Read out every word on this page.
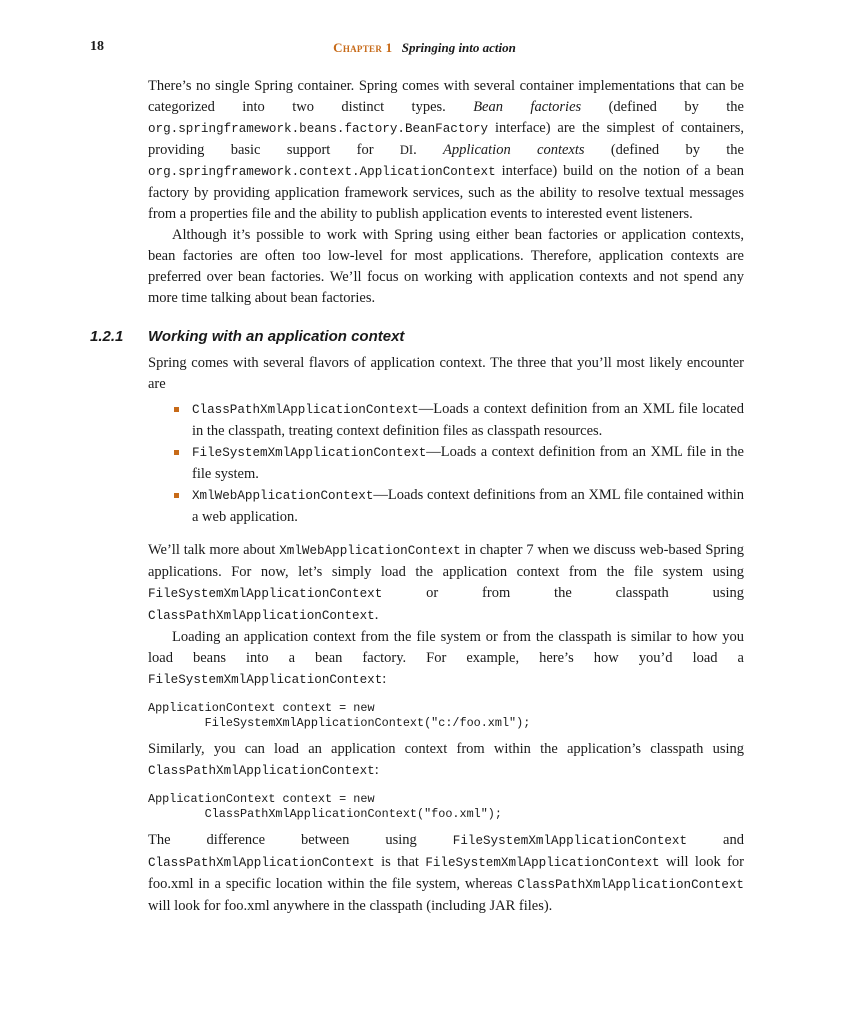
18	Chapter 1 Springing into action

There’s no single Spring container. Spring comes with several container implementations that can be categorized into two distinct types. Bean factories (defined by the org.springframework.beans.factory.BeanFactory interface) are the simplest of containers, providing basic support for DI. Application contexts (defined by the org.springframework.context.ApplicationContext interface) build on the notion of a bean factory by providing application framework services, such as the ability to resolve textual messages from a properties file and the ability to publish application events to interested event listeners.

Although it’s possible to work with Spring using either bean factories or application contexts, bean factories are often too low-level for most applications. Therefore, application contexts are preferred over bean factories. We’ll focus on working with application contexts and not spend any more time talking about bean factories.

1.2.1 Working with an application context

Spring comes with several flavors of application context. The three that you’ll most likely encounter are

ClassPathXmlApplicationContext—Loads a context definition from an XML file located in the classpath, treating context definition files as classpath resources.
FileSystemXmlApplicationContext—Loads a context definition from an XML file in the file system.
XmlWebApplicationContext—Loads context definitions from an XML file contained within a web application.

We’ll talk more about XmlWebApplicationContext in chapter 7 when we discuss web-based Spring applications. For now, let’s simply load the application context from the file system using FileSystemXmlApplicationContext or from the classpath using ClassPathXmlApplicationContext.

Loading an application context from the file system or from the classpath is similar to how you load beans into a bean factory. For example, here’s how you’d load a FileSystemXmlApplicationContext:

ApplicationContext context = new
FileSystemXmlApplicationContext("c:/foo.xml");

Similarly, you can load an application context from within the application’s classpath using ClassPathXmlApplicationContext:

ApplicationContext context = new
ClassPathXmlApplicationContext("foo.xml");

The difference between using FileSystemXmlApplicationContext and ClassPathXmlApplicationContext is that FileSystemXmlApplicationContext will look for foo.xml in a specific location within the file system, whereas ClassPathXmlApplicationContext will look for foo.xml anywhere in the classpath (including JAR files).
